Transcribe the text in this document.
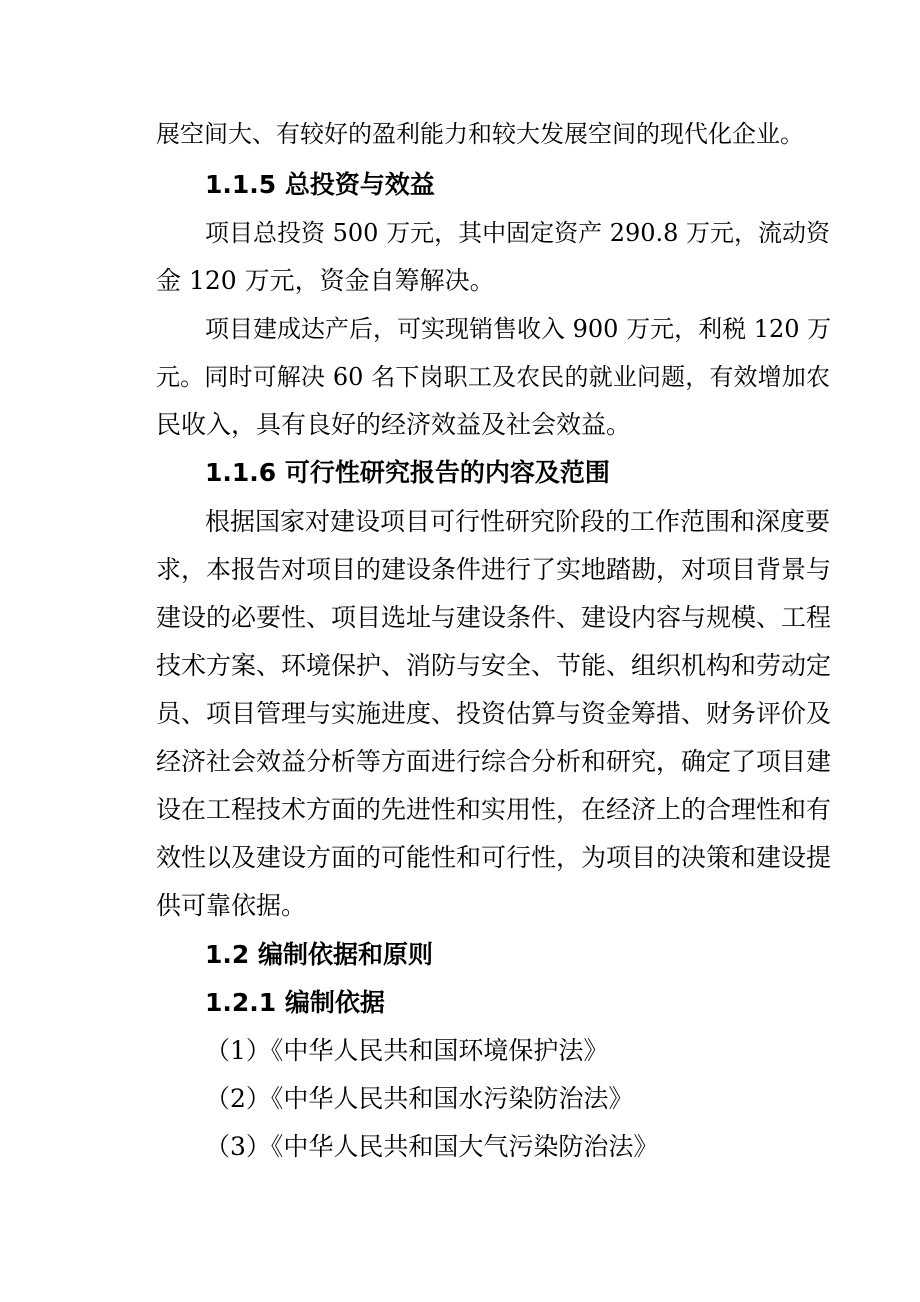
展空间大、有较好的盈利能力和较大发展空间的现代化企业。
1.1.5 总投资与效益
项目总投资 500 万元，其中固定资产 290.8 万元，流动资
金 120 万元，资金自筹解决。
项目建成达产后，可实现销售收入 900 万元，利税 120 万
元。同时可解决 60 名下岗职工及农民的就业问题，有效增加农
民收入，具有良好的经济效益及社会效益。
1.1.6 可行性研究报告的内容及范围
根据国家对建设项目可行性研究阶段的工作范围和深度要
求，本报告对项目的建设条件进行了实地踏勘，对项目背景与
建设的必要性、项目选址与建设条件、建设内容与规模、工程
技术方案、环境保护、消防与安全、节能、组织机构和劳动定
员、项目管理与实施进度、投资估算与资金筹措、财务评价及
经济社会效益分析等方面进行综合分析和研究，确定了项目建
设在工程技术方面的先进性和实用性，在经济上的合理性和有
效性以及建设方面的可能性和可行性，为项目的决策和建设提
供可靠依据。
1.2 编制依据和原则
1.2.1 编制依据
（1）《中华人民共和国环境保护法》
（2）《中华人民共和国水污染防治法》
（3）《中华人民共和国大气污染防治法》
